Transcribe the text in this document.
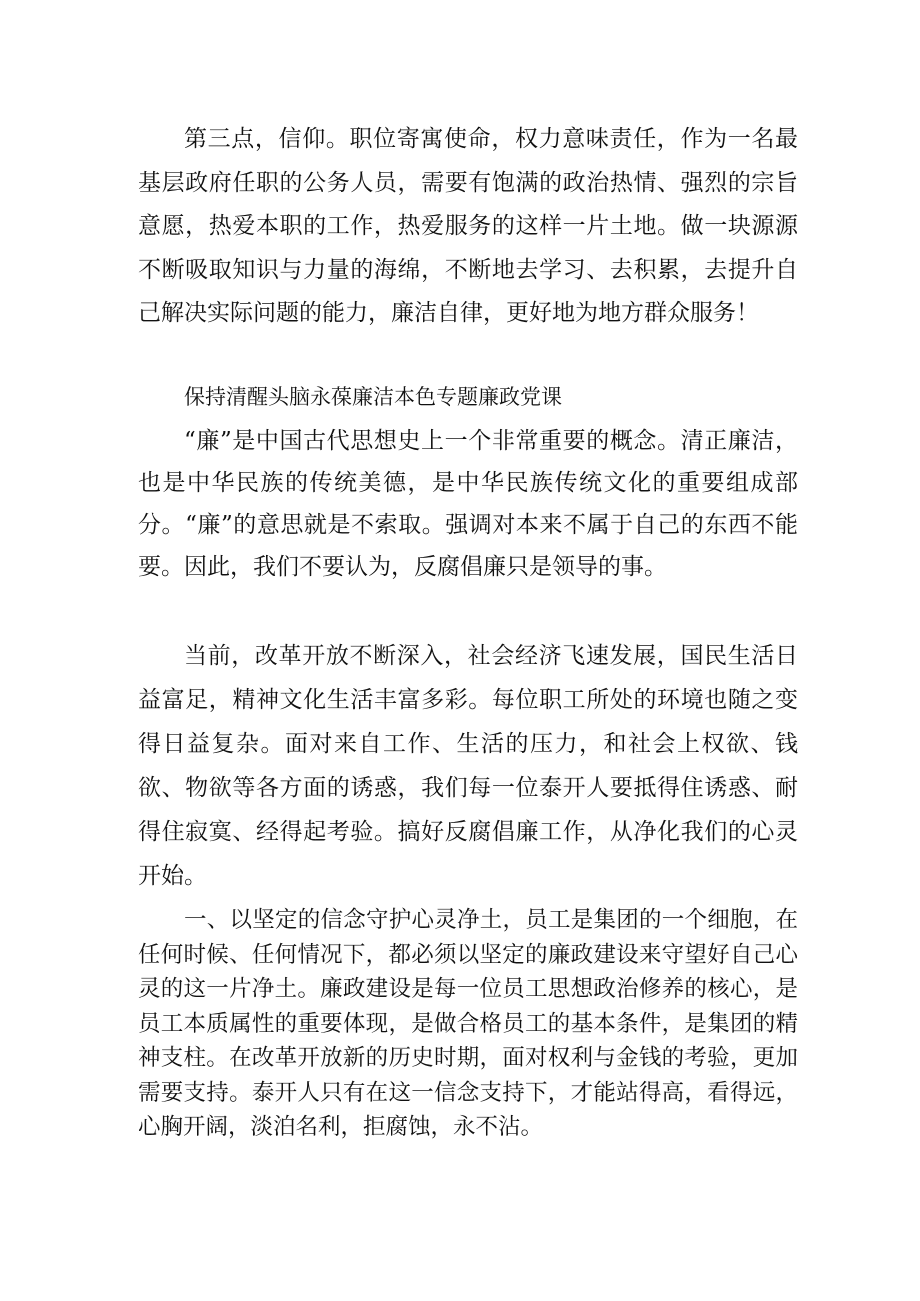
第三点，信仰。职位寄寓使命，权力意味责任，作为一名最基层政府任职的公务人员，需要有饱满的政治热情、强烈的宗旨意愿，热爱本职的工作，热爱服务的这样一片土地。做一块源源不断吸取知识与力量的海绵，不断地去学习、去积累，去提升自己解决实际问题的能力，廉洁自律，更好地为地方群众服务！

保持清醒头脑永葆廉洁本色专题廉政党课

“廉”是中国古代思想史上一个非常重要的概念。清正廉洁，也是中华民族的传统美德，是中华民族传统文化的重要组成部分。“廉”的意思就是不索取。强调对本来不属于自己的东西不能要。因此，我们不要认为，反腐倡廉只是领导的事。

当前，改革开放不断深入，社会经济飞速发展，国民生活日益富足，精神文化生活丰富多彩。每位职工所处的环境也随之变得日益复杂。面对来自工作、生活的压力，和社会上权欲、钱欲、物欲等各方面的诱惑，我们每一位泰开人要抵得住诱惑、耐得住寂寞、经得起考验。搞好反腐倡廉工作，从净化我们的心灵开始。

一、以坚定的信念守护心灵净土，员工是集团的一个细胞，在任何时候、任何情况下，都必须以坚定的廉政建设来守望好自己心灵的这一片净土。廉政建设是每一位员工思想政治修养的核心，是员工本质属性的重要体现，是做合格员工的基本条件，是集团的精神支柱。在改革开放新的历史时期，面对权利与金钱的考验，更加需要支持。泰开人只有在这一信念支持下，才能站得高，看得远，心胸开阔，淡泊名利，拒腐蚀，永不沾。
